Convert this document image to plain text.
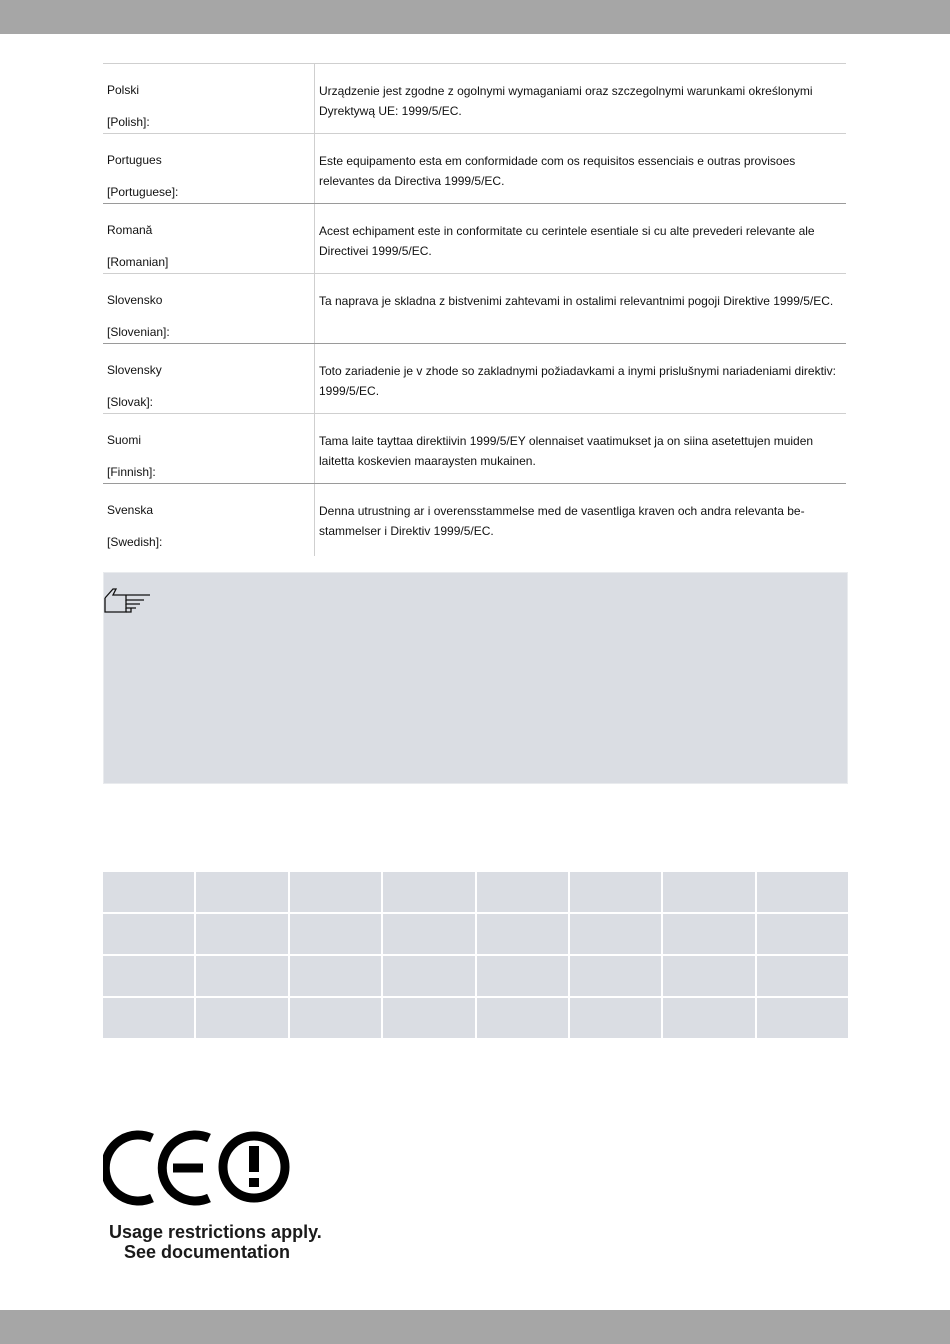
Polski
[Polish]:
Urządzenie jest zgodne z ogolnymi wymaganiami oraz szczegolnymi warunkami określonymi Dyrektywą UE: 1999/5/EC.
Portugues
[Portuguese]:
Este equipamento esta em conformidade com os requisitos essenciais e outras provisoes relevantes da Directiva 1999/5/EC.
Romană
[Romanian]
Acest echipament este in conformitate cu cerintele esentiale si cu alte prevederi relevante ale Directivei 1999/5/EC.
Slovensko
[Slovenian]:
Ta naprava je skladna z bistvenimi zahtevami in ostalimi relevantnimi pogoji Direktive 1999/5/EC.
Slovensky
[Slovak]:
Toto zariadenie je v zhode so zakladnymi požiadavkami a inymi prislušnymi nariadeniami direktiv: 1999/5/EC.
Suomi
[Finnish]:
Tama laite tayttaa direktiivin 1999/5/EY olennaiset vaatimukset ja on siina asetettujen muiden laitetta koskevien maaraysten mukainen.
Svenska
[Swedish]:
Denna utrustning ar i overensstammelse med de vasentliga kraven och andra relevanta be-stammelser i Direktiv 1999/5/EC.
Usage restrictions apply.
See documentation
